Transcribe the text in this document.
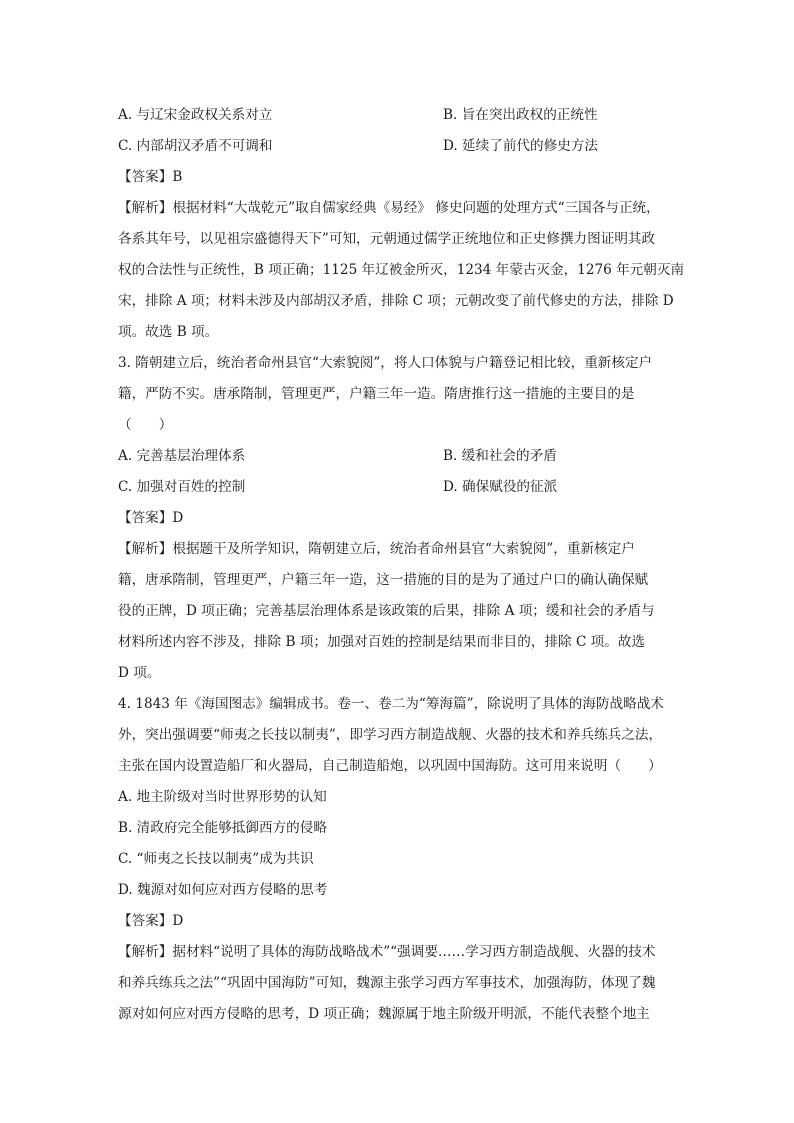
A. 与辽宋金政权关系对立	B. 旨在突出政权的正统性
C. 内部胡汉矛盾不可调和	D. 延续了前代的修史方法
【答案】B
【解析】根据材料“大哉乾元”取自儒家经典《易经》 修史问题的处理方式“三国各与正统，
各系其年号，以见祖宗盛德得天下”可知，元朝通过儒学正统地位和正史修撰力图证明其政
权的合法性与正统性，B 项正确；1125 年辽被金所灭，1234 年蒙古灭金，1276 年元朝灭南
宋，排除 A 项；材料未涉及内部胡汉矛盾，排除 C 项；元朝改变了前代修史的方法，排除 D
项。故选 B 项。
3. 隋朝建立后，统治者命州县官“大索貌阅”，将人口体貌与户籍登记相比较，重新核定户
籍，严防不实。唐承隋制，管理更严，户籍三年一造。隋唐推行这一措施的主要目的是
（　　）
A. 完善基层治理体系	B. 缓和社会的矛盾
C. 加强对百姓的控制	D. 确保赋役的征派
【答案】D
【解析】根据题干及所学知识，隋朝建立后，统治者命州县官“大索貌阅”，重新核定户
籍，唐承隋制，管理更严，户籍三年一造，这一措施的目的是为了通过户口的确认确保赋
役的正牌，D 项正确；完善基层治理体系是该政策的后果，排除 A 项；缓和社会的矛盾与
材料所述内容不涉及，排除 B 项；加强对百姓的控制是结果而非目的，排除 C 项。故选
D 项。
4. 1843 年《海国图志》编辑成书。卷一、卷二为“筹海篇”，除说明了具体的海防战略战术
外，突出强调要“师夷之长技以制夷”，即学习西方制造战舰、火器的技术和养兵练兵之法，
主张在国内设置造船厂和火器局，自己制造船炮，以巩固中国海防。这可用来说明（　　）
A. 地主阶级对当时世界形势的认知
B. 清政府完全能够抵御西方的侵略
C. “师夷之长技以制夷”成为共识
D. 魏源对如何应对西方侵略的思考
【答案】D
【解析】据材料“说明了具体的海防战略战术”“强调要……学习西方制造战舰、火器的技术
和养兵练兵之法”“巩固中国海防”可知，魏源主张学习西方军事技术，加强海防，体现了魏
源对如何应对西方侵略的思考，D 项正确；魏源属于地主阶级开明派，不能代表整个地主
